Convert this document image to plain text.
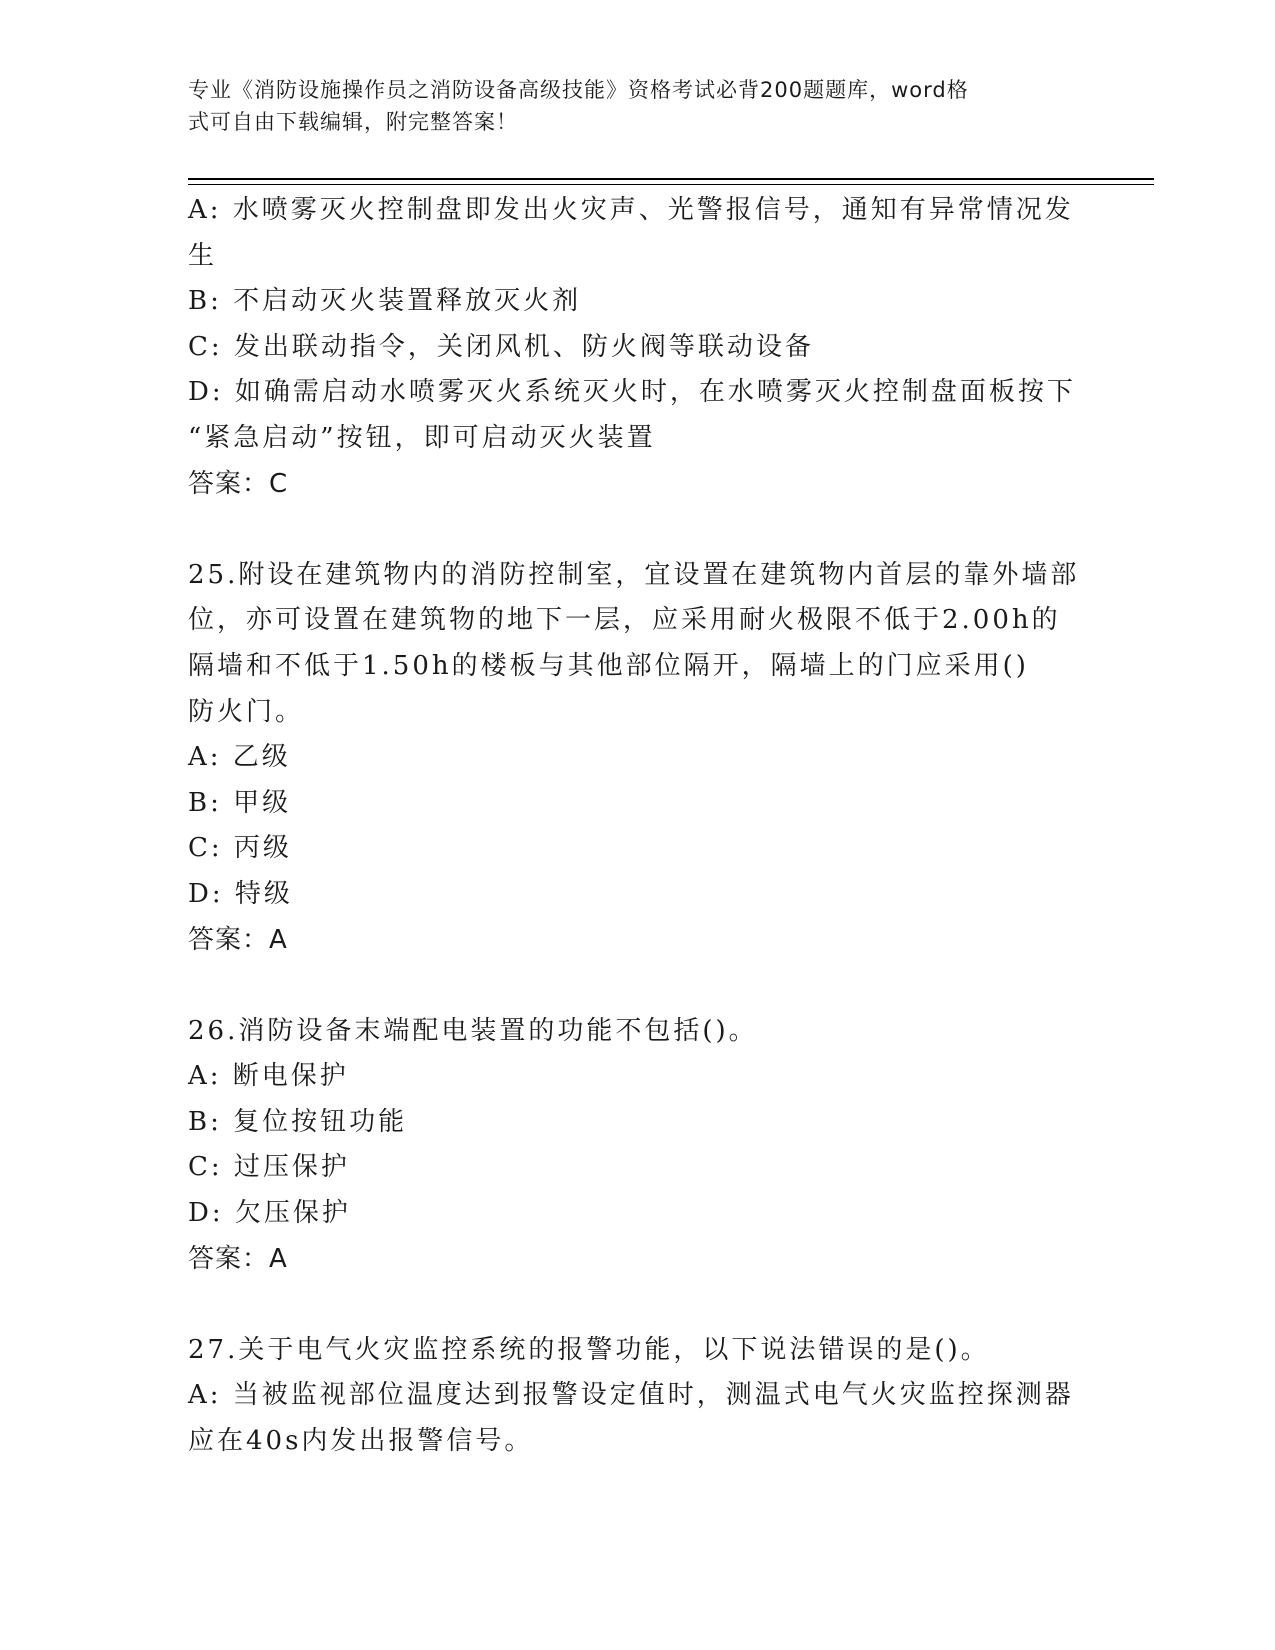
专业《消防设施操作员之消防设备高级技能》资格考试必背200题题库，word格
式可自由下载编辑，附完整答案！
A: 水喷雾灭火控制盘即发出火灾声、光警报信号，通知有异常情况发
生
B: 不启动灭火装置释放灭火剂
C: 发出联动指令，关闭风机、防火阀等联动设备
D: 如确需启动水喷雾灭火系统灭火时，在水喷雾灭火控制盘面板按下
“紧急启动”按钮，即可启动灭火装置
答案：C
25.附设在建筑物内的消防控制室，宜设置在建筑物内首层的靠外墙部
位，亦可设置在建筑物的地下一层，应采用耐火极限不低于2.00h的
隔墙和不低于1.50h的楼板与其他部位隔开，隔墙上的门应采用()
防火门。
A: 乙级
B: 甲级
C: 丙级
D: 特级
答案：A
26.消防设备末端配电装置的功能不包括()。
A: 断电保护
B: 复位按钮功能
C: 过压保护
D: 欠压保护
答案：A
27.关于电气火灾监控系统的报警功能，以下说法错误的是()。
A: 当被监视部位温度达到报警设定值时，测温式电气火灾监控探测器
应在40s内发出报警信号。
